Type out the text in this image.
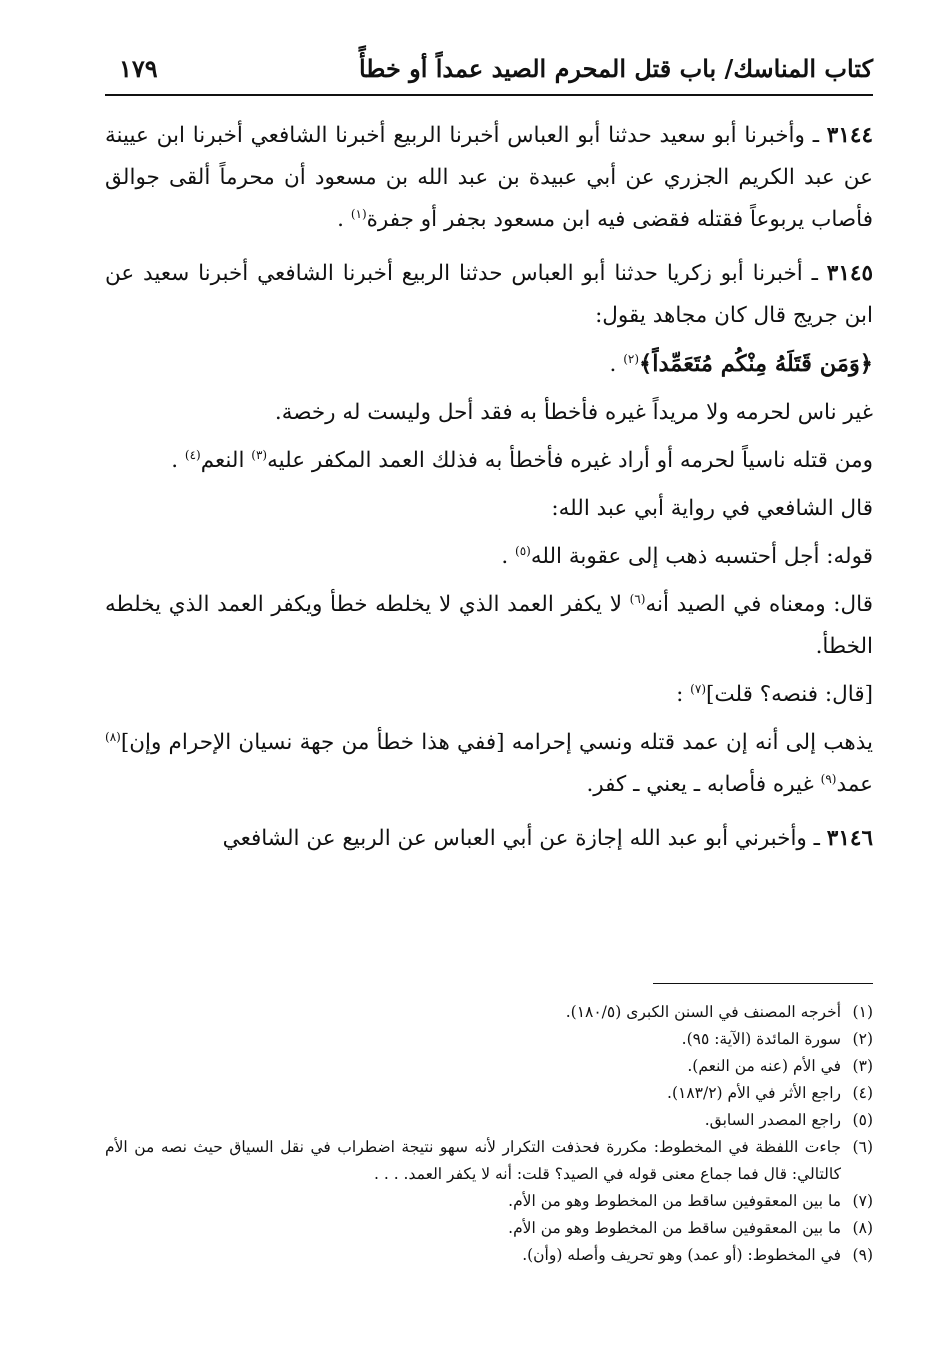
كتاب المناسك/ باب قتل المحرم الصيد عمداً أو خطأً
١٧٩

٣١٤٤ ـ وأخبرنا أبو سعيد حدثنا أبو العباس أخبرنا الربيع أخبرنا الشافعي أخبرنا ابن عيينة عن عبد الكريم الجزري عن أبي عبيدة بن عبد الله بن مسعود أن محرماً ألقى جوالق فأصاب يربوعاً فقتله فقضى فيه ابن مسعود بجفر أو جفرة$^{(١)}$ .

٣١٤٥ ـ أخبرنا أبو زكريا حدثنا أبو العباس حدثنا الربيع أخبرنا الشافعي أخبرنا سعيد عن ابن جريج قال كان مجاهد يقول:

﴿وَمَن قَتَلَهُ مِنْكُم مُتَعَمِّداً﴾$^{(٢)}$ .

غير ناس لحرمه ولا مريداً غيره فأخطأ به فقد أحل وليست له رخصة.

ومن قتله ناسياً لحرمه أو أراد غيره فأخطأ به فذلك العمد المكفر عليه$^{(٣)}$ النعم$^{(٤)}$ .

قال الشافعي في رواية أبي عبد الله:

قوله: أجل أحتسبه ذهب إلى عقوبة الله$^{(٥)}$ .

قال: ومعناه في الصيد أنه$^{(٦)}$ لا يكفر العمد الذي لا يخلطه خطأ ويكفر العمد الذي يخلطه الخطأ.

[قال: فنصه؟ قلت]$^{(٧)}$ :

يذهب إلى أنه إن عمد قتله ونسي إحرامه [ففي هذا خطأ من جهة نسيان الإحرام وإن]$^{(٨)}$ عمد$^{(٩)}$ غيره فأصابه ـ يعني ـ كفر.

٣١٤٦ ـ وأخبرني أبو عبد الله إجازة عن أبي العباس عن الربيع عن الشافعي

(١)
أخرجه المصنف في السنن الكبرى (١٨٠/٥).
(٢)
سورة المائدة (الآية: ٩٥).
(٣)
في الأم (عنه من النعم).
(٤)
راجع الأثر في الأم (١٨٣/٢).
(٥)
راجع المصدر السابق.
(٦)
جاءت اللفظة في المخطوط: مكررة فحذفت التكرار لأنه سهو نتيجة اضطراب في نقل السياق حيث نصه من الأم كالتالي: قال فما جماع معنى قوله في الصيد؟ قلت: أنه لا يكفر العمد. . . .
(٧)
ما بين المعقوفين ساقط من المخطوط وهو من الأم.
(٨)
ما بين المعقوفين ساقط من المخطوط وهو من الأم.
(٩)
في المخطوط: (أو عمد) وهو تحريف وأصله (وأن).
